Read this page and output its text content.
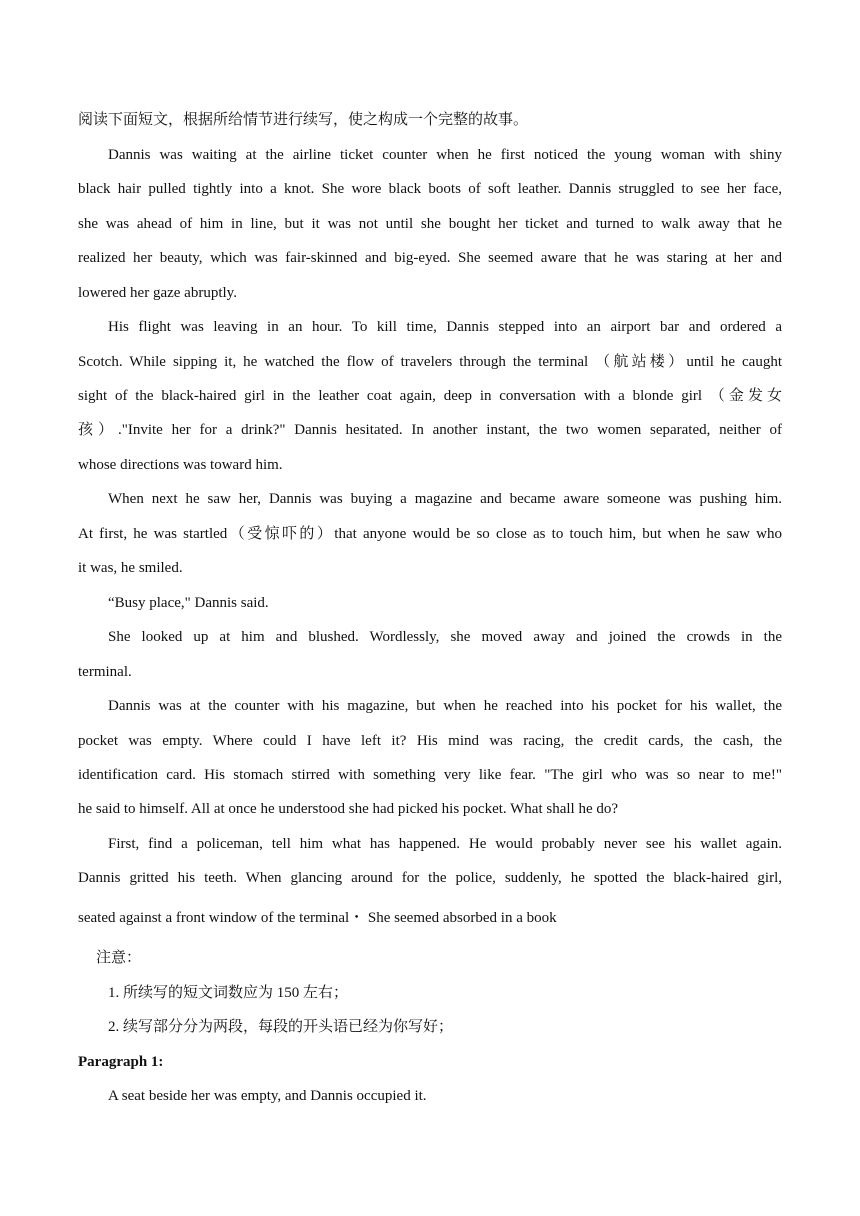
阅读下面短文，根据所给情节进行续写，使之构成一个完整的故事。
Dannis was waiting at the airline ticket counter when he first noticed the young woman with shiny
black hair pulled tightly into a knot. She wore black boots of soft leather. Dannis struggled to see her face,
she was ahead of him in line, but it was not until she bought her ticket and turned to walk away that he
realized her beauty, which was fair-skinned and big-eyed. She seemed aware that he was staring at her and
lowered her gaze abruptly.
His flight was leaving in an hour. To kill time, Dannis stepped into an airport bar and ordered a
Scotch. While sipping it, he watched the flow of travelers through the terminal （航站楼）until he caught
sight of the black-haired girl in the leather coat again, deep in conversation with a blonde girl （金发女
孩）."Invite her for a drink?" Dannis hesitated. In another instant, the two women separated, neither of
whose directions was toward him.
When next he saw her, Dannis was buying a magazine and became aware someone was pushing him.
At first, he was startled（受惊吓的）that anyone would be so close as to touch him, but when he saw who
it was, he smiled.
“Busy place," Dannis said.
She looked up at him and blushed. Wordlessly, she moved away and joined the crowds in the
terminal.
Dannis was at the counter with his magazine, but when he reached into his pocket for his wallet, the
pocket was empty. Where could I have left it? His mind was racing, the credit cards, the cash, the
identification card. His stomach stirred with something very like fear. "The girl who was so near to me!"
he said to himself. All at once he understood she had picked his pocket. What shall he do?
First, find a policeman, tell him what has happened. He would probably never see his wallet again.
Dannis gritted his teeth. When glancing around for the police, suddenly, he spotted the black-haired girl,
seated against a front window of the terminal・ She seemed absorbed in a book
注意：
1. 所续写的短文词数应为 150 左右；
2. 续写部分分为两段，每段的开头语已经为你写好；
Paragraph 1:
A seat beside her was empty, and Dannis occupied it.
